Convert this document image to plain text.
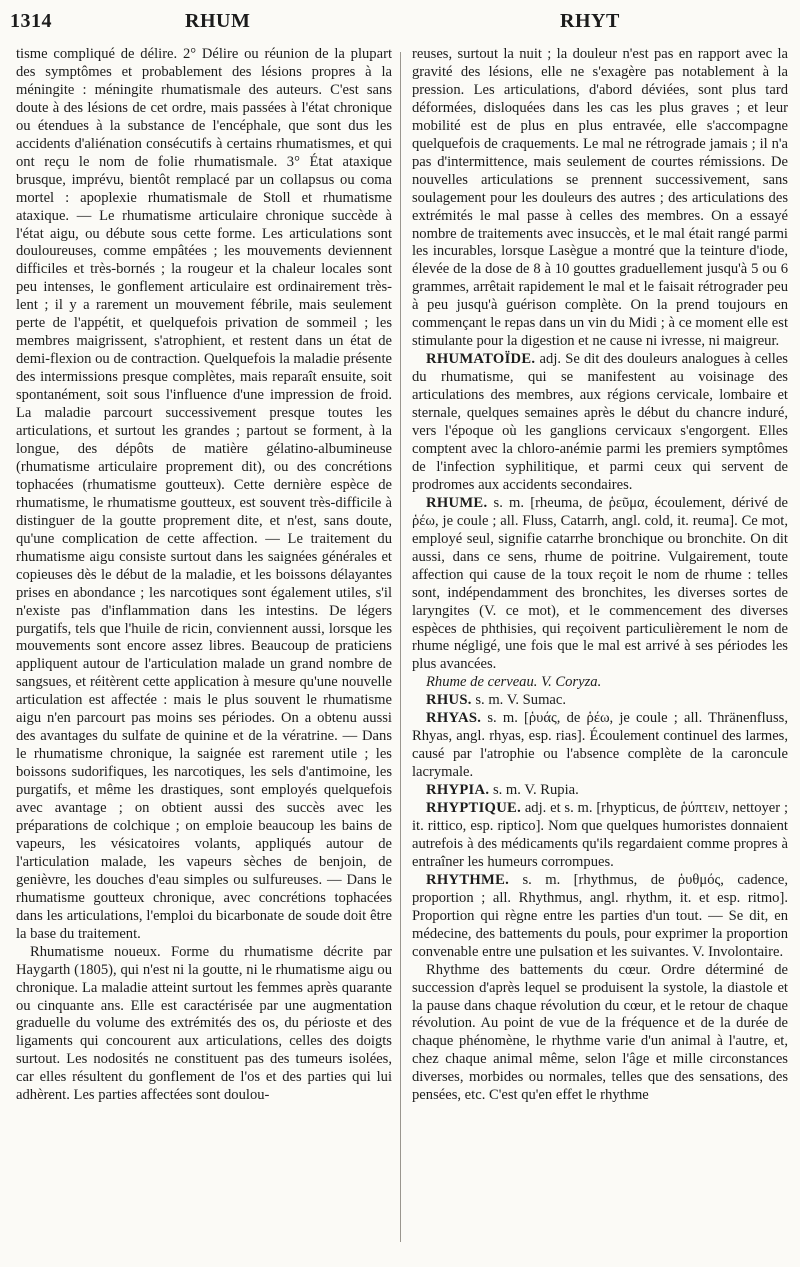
1314	RHUM	RHYT

tisme compliqué de délire. 2° Délire ou réunion de la plupart des symptômes et probablement des lésions propres à la méningite : méningite rhumatismale des auteurs. C'est sans doute à des lésions de cet ordre, mais passées à l'état chronique ou étendues à la substance de l'encéphale, que sont dus les accidents d'aliénation consécutifs à certains rhumatismes, et qui ont reçu le nom de folie rhumatismale. 3° État ataxique brusque, imprévu, bientôt remplacé par un collapsus ou coma mortel : apoplexie rhumatismale de Stoll et rhumatisme ataxique. — Le rhumatisme articulaire chronique succède à l'état aigu, ou débute sous cette forme. Les articulations sont douloureuses, comme empâtées ; les mouvements deviennent difficiles et très-bornés ; la rougeur et la chaleur locales sont peu intenses, le gonflement articulaire est ordinairement très-lent ; il y a rarement un mouvement fébrile, mais seulement perte de l'appétit, et quelquefois privation de sommeil ; les membres maigrissent, s'atrophient, et restent dans un état de demi-flexion ou de contraction. Quelquefois la maladie présente des intermissions presque complètes, mais reparaît ensuite, soit spontanément, soit sous l'influence d'une impression de froid. La maladie parcourt successivement presque toutes les articulations, et surtout les grandes ; partout se forment, à la longue, des dépôts de matière gélatino-albumineuse (rhumatisme articulaire proprement dit), ou des concrétions tophacées (rhumatisme goutteux). Cette dernière espèce de rhumatisme, le rhumatisme goutteux, est souvent très-difficile à distinguer de la goutte proprement dite, et n'est, sans doute, qu'une complication de cette affection. — Le traitement du rhumatisme aigu consiste surtout dans les saignées générales et copieuses dès le début de la maladie, et les boissons délayantes prises en abondance ; les narcotiques sont également utiles, s'il n'existe pas d'inflammation dans les intestins. De légers purgatifs, tels que l'huile de ricin, conviennent aussi, lorsque les mouvements sont encore assez libres. Beaucoup de praticiens appliquent autour de l'articulation malade un grand nombre de sangsues, et réitèrent cette application à mesure qu'une nouvelle articulation est affectée : mais le plus souvent le rhumatisme aigu n'en parcourt pas moins ses périodes. On a obtenu aussi des avantages du sulfate de quinine et de la vératrine. — Dans le rhumatisme chronique, la saignée est rarement utile ; les boissons sudorifiques, les narcotiques, les sels d'antimoine, les purgatifs, et même les drastiques, sont employés quelquefois avec avantage ; on obtient aussi des succès avec les préparations de colchique ; on emploie beaucoup les bains de vapeurs, les vésicatoires volants, appliqués autour de l'articulation malade, les vapeurs sèches de benjoin, de genièvre, les douches d'eau simples ou sulfureuses. — Dans le rhumatisme goutteux chronique, avec concrétions tophacées dans les articulations, l'emploi du bicarbonate de soude doit être la base du traitement.

Rhumatisme noueux. Forme du rhumatisme décrite par Haygarth (1805), qui n'est ni la goutte, ni le rhumatisme aigu ou chronique. La maladie atteint surtout les femmes après quarante ou cinquante ans. Elle est caractérisée par une augmentation graduelle du volume des extrémités des os, du périoste et des ligaments qui concourent aux articulations, celles des doigts surtout. Les nodosités ne constituent pas des tumeurs isolées, car elles résultent du gonflement de l'os et des parties qui lui adhèrent. Les parties affectées sont doulou-

reuses, surtout la nuit ; la douleur n'est pas en rapport avec la gravité des lésions, elle ne s'exagère pas notablement à la pression. Les articulations, d'abord déviées, sont plus tard déformées, disloquées dans les cas les plus graves ; et leur mobilité est de plus en plus entravée, elle s'accompagne quelquefois de craquements. Le mal ne rétrograde jamais ; il n'a pas d'intermittence, mais seulement de courtes rémissions. De nouvelles articulations se prennent successivement, sans soulagement pour les douleurs des autres ; des articulations des extrémités le mal passe à celles des membres. On a essayé nombre de traitements avec insuccès, et le mal était rangé parmi les incurables, lorsque Lasègue a montré que la teinture d'iode, élevée de la dose de 8 à 10 gouttes graduellement jusqu'à 5 ou 6 grammes, arrêtait rapidement le mal et le faisait rétrograder peu à peu jusqu'à guérison complète. On la prend toujours en commençant le repas dans un vin du Midi ; à ce moment elle est stimulante pour la digestion et ne cause ni ivresse, ni maigreur.

RHUMATOÏDE. adj. Se dit des douleurs analogues à celles du rhumatisme, qui se manifestent au voisinage des articulations des membres, aux régions cervicale, lombaire et sternale, quelques semaines après le début du chancre induré, vers l'époque où les ganglions cervicaux s'engorgent. Elles comptent avec la chloro-anémie parmi les premiers symptômes de l'infection syphilitique, et parmi ceux qui servent de prodromes aux accidents secondaires.

RHUME. s. m. [rheuma, de ῥεῦμα, écoulement, dérivé de ῥέω, je coule ; all. Fluss, Catarrh, angl. cold, it. reuma]. Ce mot, employé seul, signifie catarrhe bronchique ou bronchite. On dit aussi, dans ce sens, rhume de poitrine. Vulgairement, toute affection qui cause de la toux reçoit le nom de rhume : telles sont, indépendamment des bronchites, les diverses sortes de laryngites (V. ce mot), et le commencement des diverses espèces de phthisies, qui reçoivent particulièrement le nom de rhume négligé, une fois que le mal est arrivé à ses périodes les plus avancées.

Rhume de cerveau. V. Coryza.

RHUS. s. m. V. Sumac.

RHYAS. s. m. [ῥυάς, de ῥέω, je coule ; all. Thränenfluss, Rhyas, angl. rhyas, esp. rias]. Écoulement continuel des larmes, causé par l'atrophie ou l'absence complète de la caroncule lacrymale.

RHYPIA. s. m. V. Rupia.

RHYPTIQUE. adj. et s. m. [rhypticus, de ῥύπτειν, nettoyer ; it. rittico, esp. riptico]. Nom que quelques humoristes donnaient autrefois à des médicaments qu'ils regardaient comme propres à entraîner les humeurs corrompues.

RHYTHME. s. m. [rhythmus, de ῥυθμός, cadence, proportion ; all. Rhythmus, angl. rhythm, it. et esp. ritmo]. Proportion qui règne entre les parties d'un tout. — Se dit, en médecine, des battements du pouls, pour exprimer la proportion convenable entre une pulsation et les suivantes. V. Involontaire.

Rhythme des battements du cœur. Ordre déterminé de succession d'après lequel se produisent la systole, la diastole et la pause dans chaque révolution du cœur, et le retour de chaque révolution. Au point de vue de la fréquence et de la durée de chaque phénomène, le rhythme varie d'un animal à l'autre, et, chez chaque animal même, selon l'âge et mille circonstances diverses, morbides ou normales, telles que des sensations, des pensées, etc. C'est qu'en effet le rhythme
